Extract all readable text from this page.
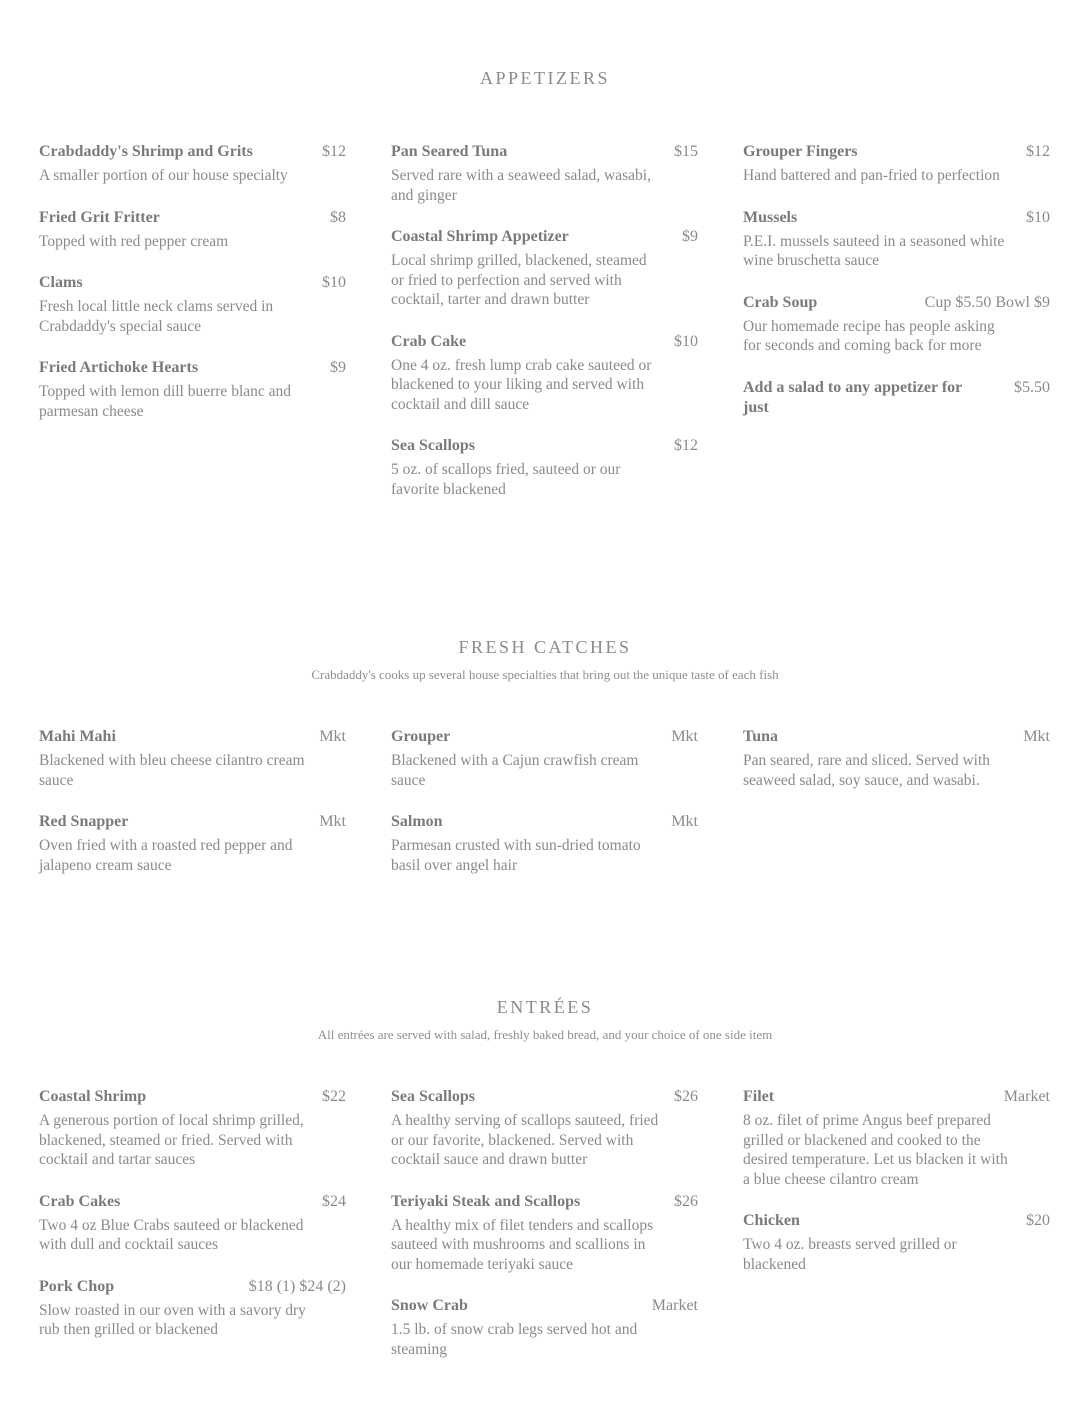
APPETIZERS
Crabdaddy's Shrimp and Grits	$12
A smaller portion of our house specialty
Fried Grit Fritter	$8
Topped with red pepper cream
Clams	$10
Fresh local little neck clams served in Crabdaddy's special sauce
Fried Artichoke Hearts	$9
Topped with lemon dill buerre blanc and parmesan cheese
Pan Seared Tuna	$15
Served rare with a seaweed salad, wasabi, and ginger
Coastal Shrimp Appetizer	$9
Local shrimp grilled, blackened, steamed or fried to perfection and served with cocktail, tarter and drawn butter
Crab Cake	$10
One 4 oz. fresh lump crab cake sauteed or blackened to your liking and served with cocktail and dill sauce
Sea Scallops	$12
5 oz. of scallops fried, sauteed or our favorite blackened
Grouper Fingers	$12
Hand battered and pan-fried to perfection
Mussels	$10
P.E.I. mussels sauteed in a seasoned white wine bruschetta sauce
Crab Soup	Cup $5.50 Bowl $9
Our homemade recipe has people asking for seconds and coming back for more
Add a salad to any appetizer for just
$5.50
FRESH CATCHES
Crabdaddy's cooks up several house specialties that bring out the unique taste of each fish
Mahi Mahi	Mkt
Blackened with bleu cheese cilantro cream sauce
Red Snapper	Mkt
Oven fried with a roasted red pepper and jalapeno cream sauce
Grouper	Mkt
Blackened with a Cajun crawfish cream sauce
Salmon	Mkt
Parmesan crusted with sun-dried tomato basil over angel hair
Tuna	Mkt
Pan seared, rare and sliced. Served with seaweed salad, soy sauce, and wasabi.
ENTRÉES
All entrées are served with salad, freshly baked bread, and your choice of one side item
Coastal Shrimp	$22
A generous portion of local shrimp grilled, blackened, steamed or fried. Served with cocktail and tartar sauces
Crab Cakes	$24
Two 4 oz Blue Crabs sauteed or blackened with dull and cocktail sauces
Pork Chop	$18 (1) $24 (2)
Slow roasted in our oven with a savory dry rub then grilled or blackened
Sea Scallops	$26
A healthy serving of scallops sauteed, fried or our favorite, blackened. Served with cocktail sauce and drawn butter
Teriyaki Steak and Scallops	$26
A healthy mix of filet tenders and scallops sauteed with mushrooms and scallions in our homemade teriyaki sauce
Snow Crab	Market
1.5 lb. of snow crab legs served hot and steaming
Filet	Market
8 oz. filet of prime Angus beef prepared grilled or blackened and cooked to the desired temperature. Let us blacken it with a blue cheese cilantro cream
Chicken	$20
Two 4 oz. breasts served grilled or blackened
